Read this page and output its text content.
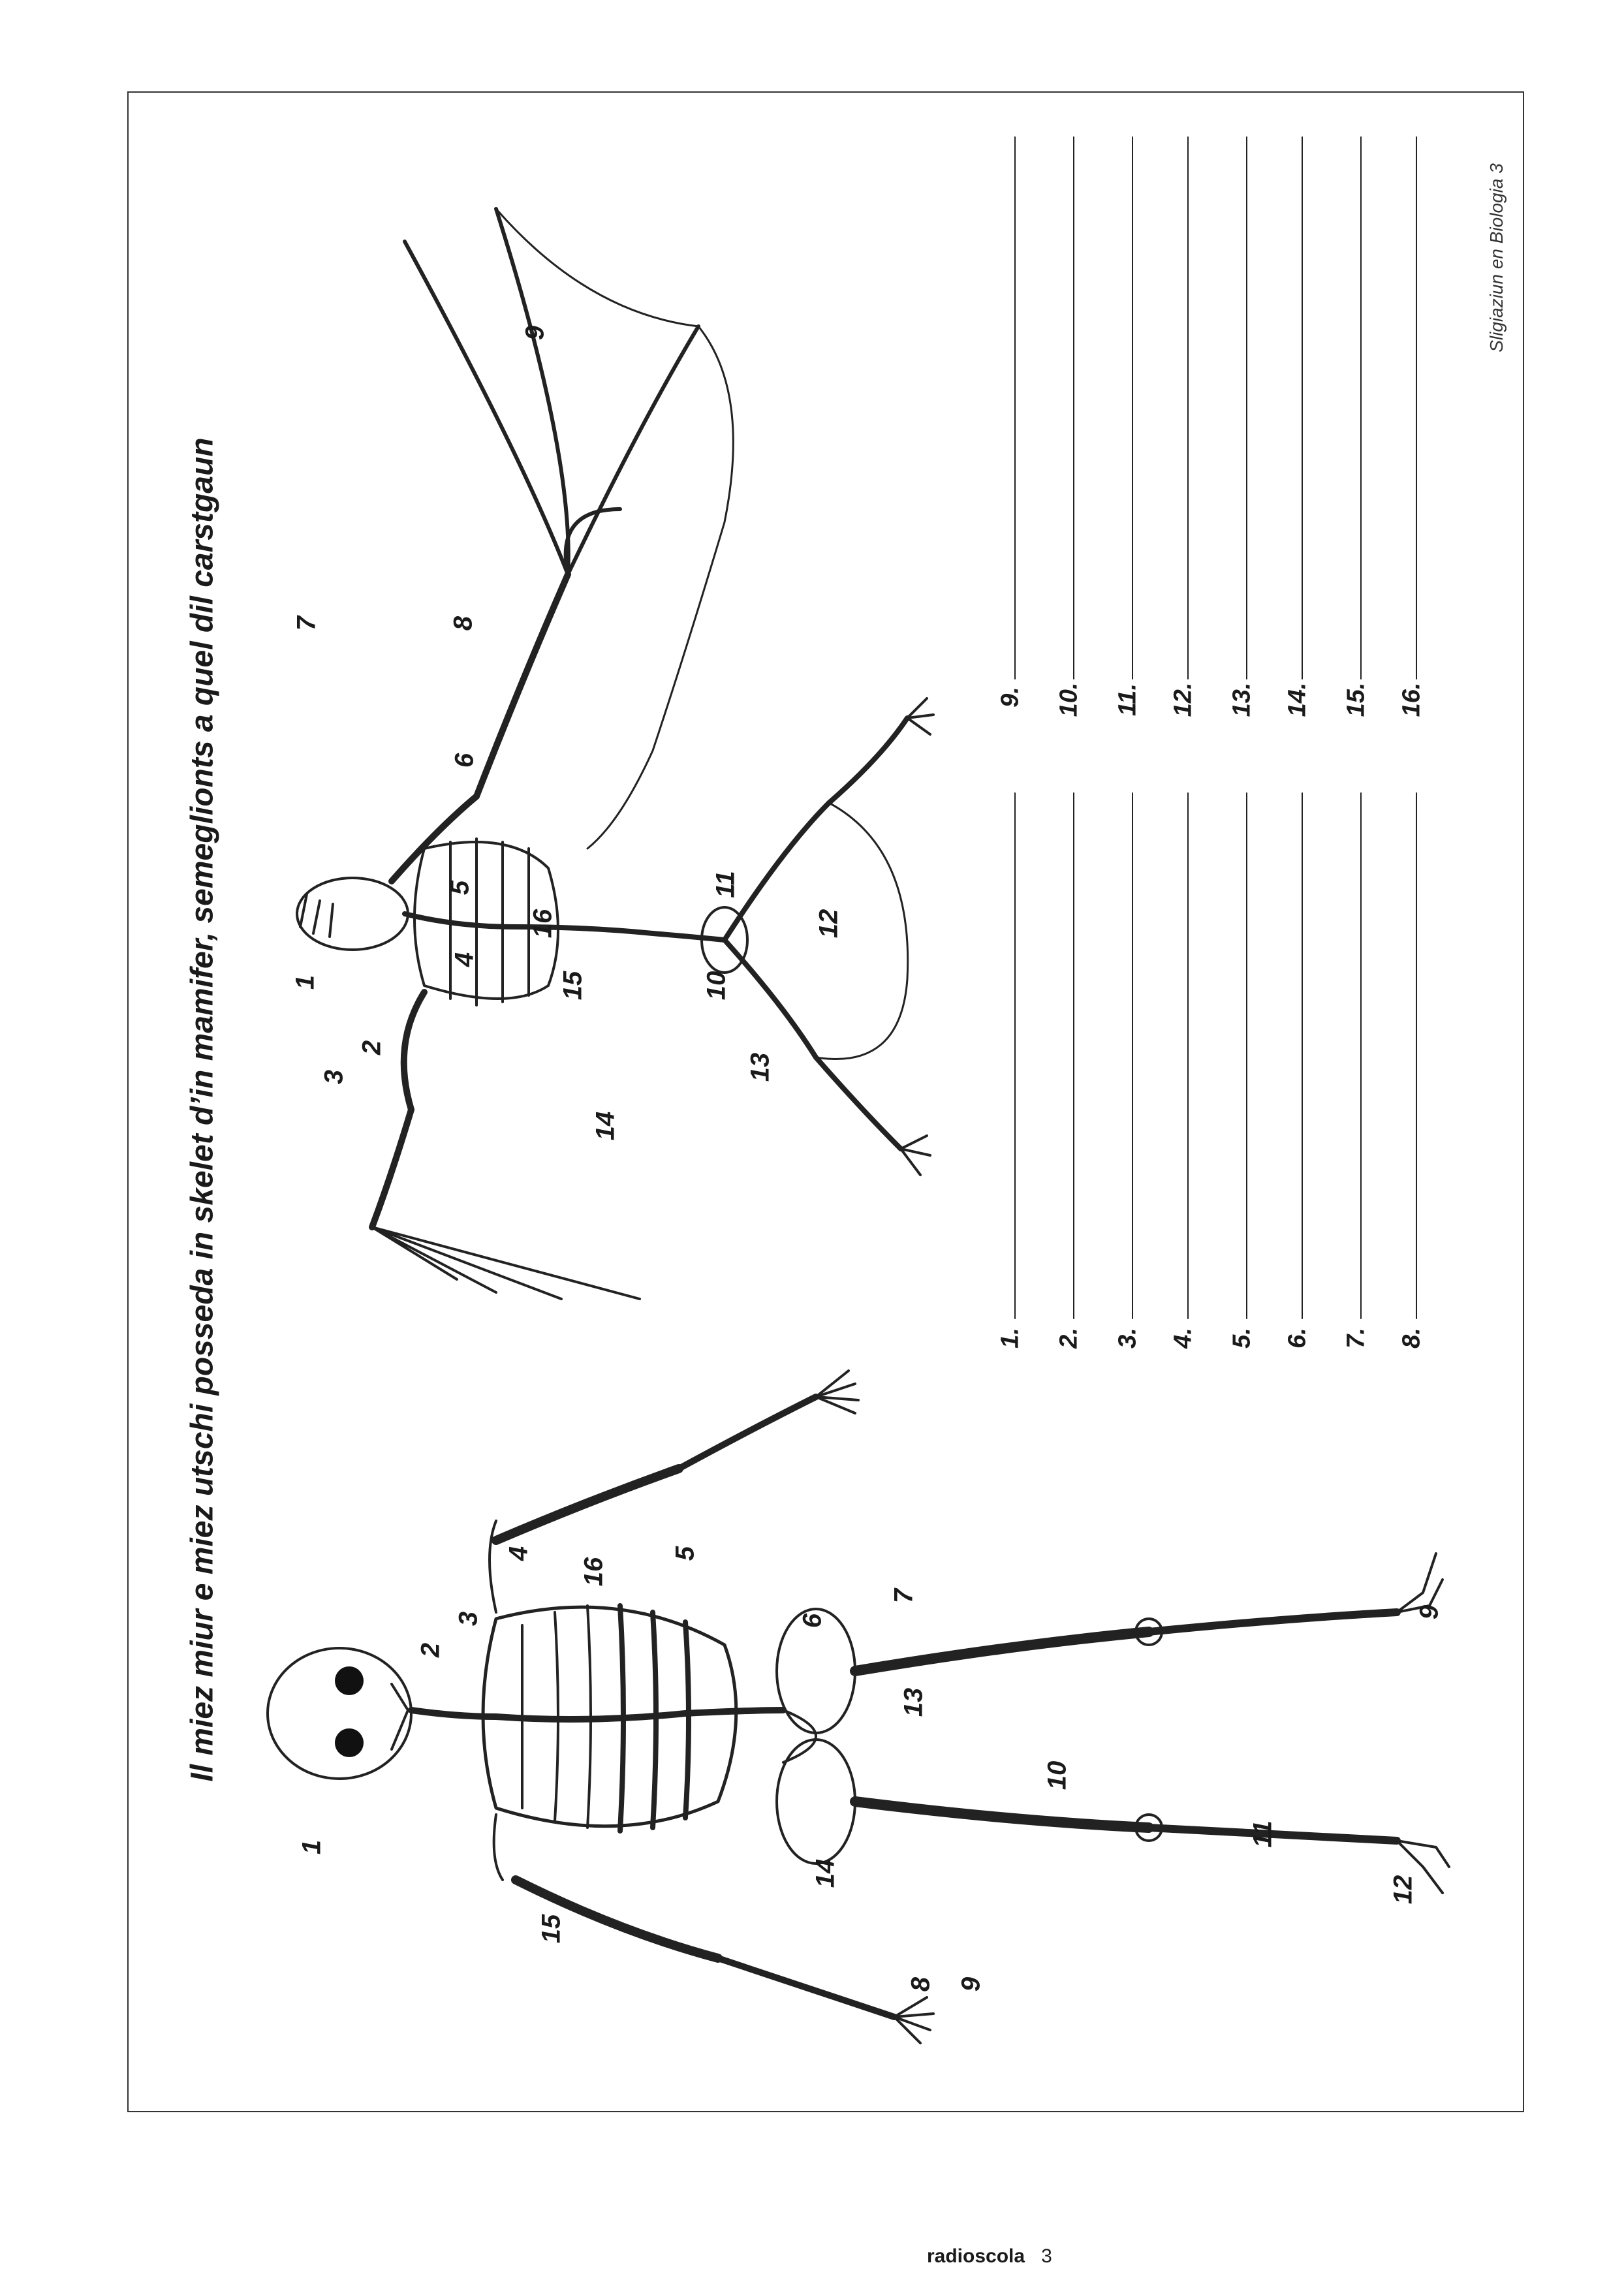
Il miez miur e miez utschi posseda in skelet d’in mamifer, semeglionts a quel dil carstgaun
Sligiaziun en Biologia 3
1
2
3
4
16
5
6
7
8 9
9
10
11
12
13
14
15
1
2
3
4
5
16
15
6
7	8
9
10
11
12
13
14
1. 2. 3. 4. 5. 6. 7. 8.
9. 10. 11. 12. 13. 14. 15. 16.
radioscola 3
